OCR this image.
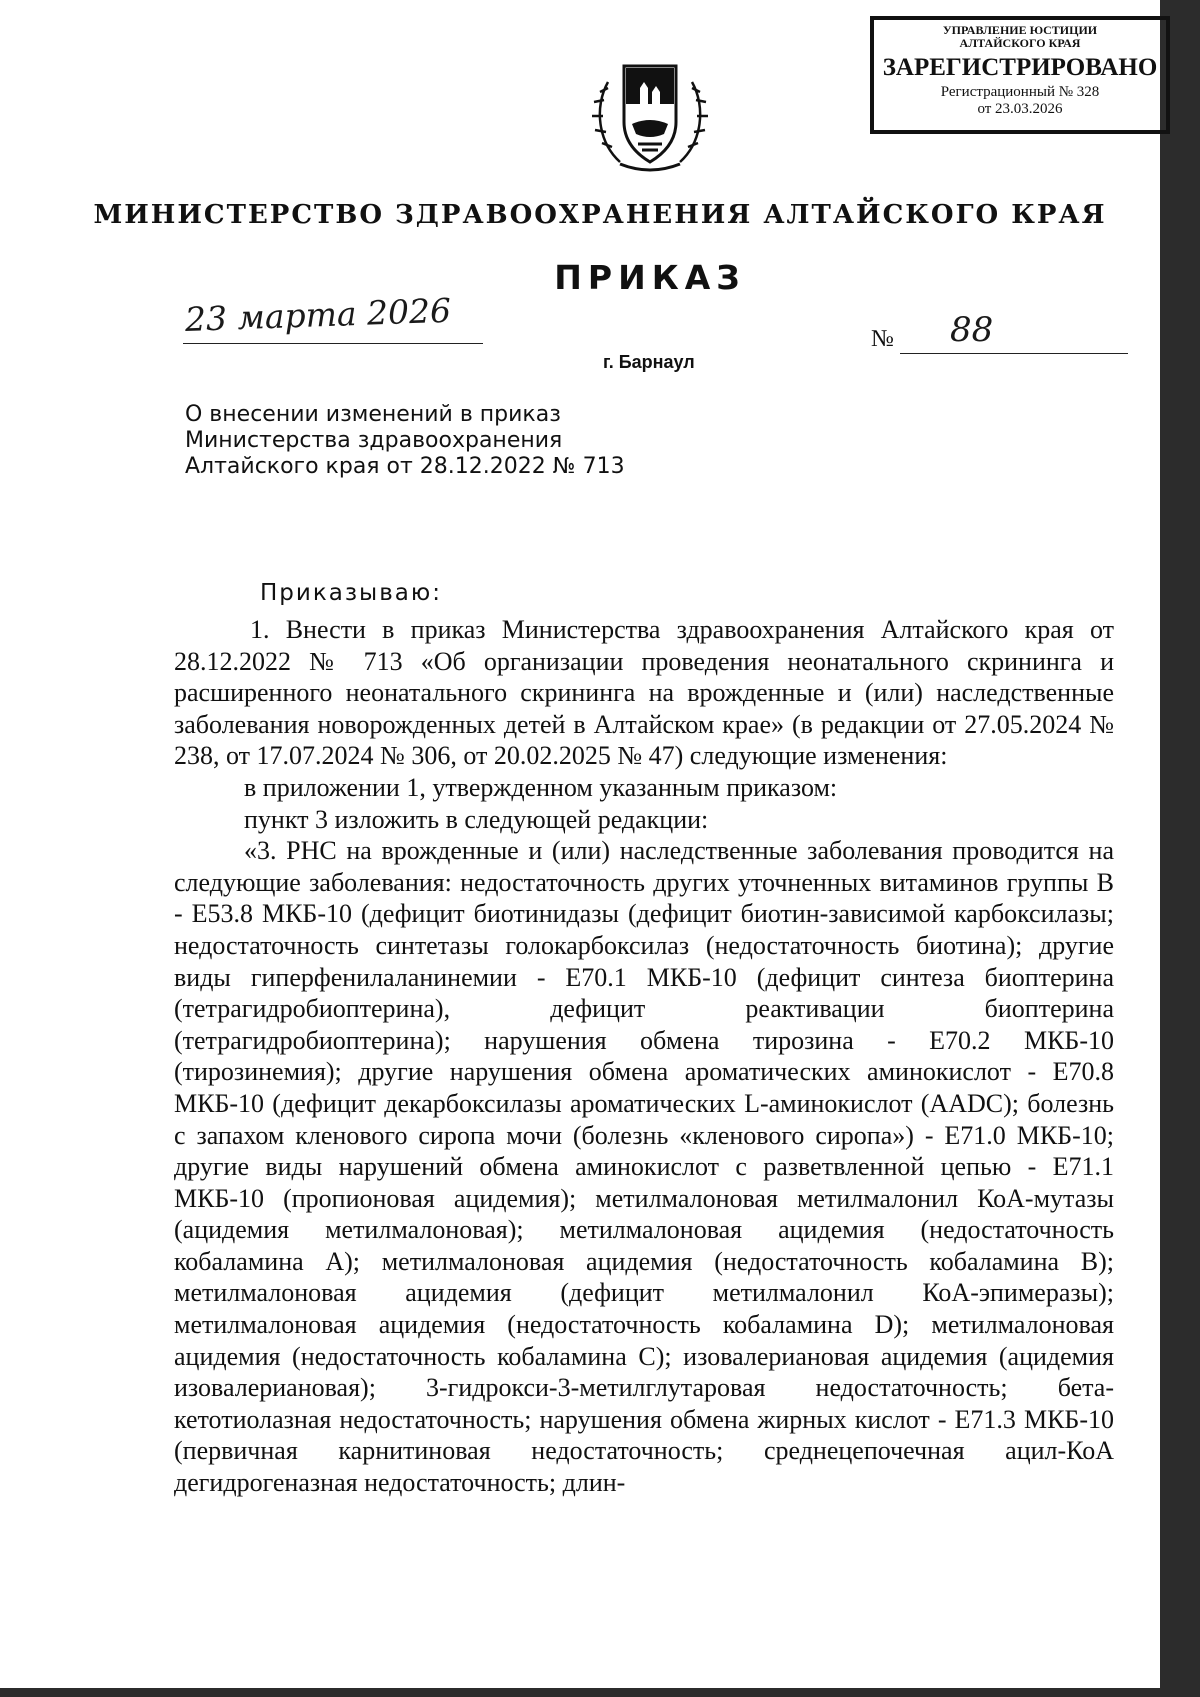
УПРАВЛЕНИЕ ЮСТИЦИИ
АЛТАЙСКОГО КРАЯ
ЗАРЕГИСТРИРОВАНО
Регистрационный № 328
от 23.03.2026
МИНИСТЕРСТВО ЗДРАВООХРАНЕНИЯ АЛТАЙСКОГО КРАЯ
ПРИКАЗ
23 марта 2026
г. Барнаул
№ 88
О внесении изменений в приказ Министерства здравоохранения Алтайского края от 28.12.2022 № 713
Приказываю:

1. Внести в приказ Министерства здравоохранения Алтайского края от 28.12.2022 № 713 «Об организации проведения неонатального скрининга и расширенного неонатального скрининга на врожденные и (или) наследственные заболевания новорожденных детей в Алтайском крае» (в редакции от 27.05.2024 № 238, от 17.07.2024 № 306, от 20.02.2025 № 47) следующие изменения:

в приложении 1, утвержденном указанным приказом:

пункт 3 изложить в следующей редакции:

«3. РНС на врожденные и (или) наследственные заболевания проводится на следующие заболевания: недостаточность других уточненных витаминов группы В - Е53.8 МКБ-10 (дефицит биотинидазы (дефицит биотин-зависимой карбоксилазы; недостаточность синтетазы голокарбоксилаз (недостаточность биотина); другие виды гиперфенилаланинемии - Е70.1 МКБ-10 (дефицит синтеза биоптерина (тетрагидробиоптерина), дефицит реактивации биоптерина (тетрагидробиоптерина); нарушения обмена тирозина - Е70.2 МКБ-10 (тирозинемия); другие нарушения обмена ароматических аминокислот - Е70.8 МКБ-10 (дефицит декарбоксилазы ароматических L-аминокислот (AADC); болезнь с запахом кленового сиропа мочи (болезнь «кленового сиропа») - Е71.0 МКБ-10; другие виды нарушений обмена аминокислот с разветвленной цепью - Е71.1 МКБ-10 (пропионовая ацидемия); метилмалоновая метилмалонил КоА-мутазы (ацидемия метилмалоновая); метилмалоновая ацидемия (недостаточность кобаламина А); метилмалоновая ацидемия (недостаточность кобаламина В); метилмалоновая ацидемия (дефицит метилмалонил КоА-эпимеразы); метилмалоновая ацидемия (недостаточность кобаламина D); метилмалоновая ацидемия (недостаточность кобаламина С); изовалериановая ацидемия (ацидемия изовалериановая); 3-гидрокси-3-метилглутаровая недостаточность; бета-кетотиолазная недостаточность; нарушения обмена жирных кислот - Е71.3 МКБ-10 (первичная карнитиновая недостаточность; среднецепочечная ацил-КоА дегидрогеназная недостаточность; длин-
